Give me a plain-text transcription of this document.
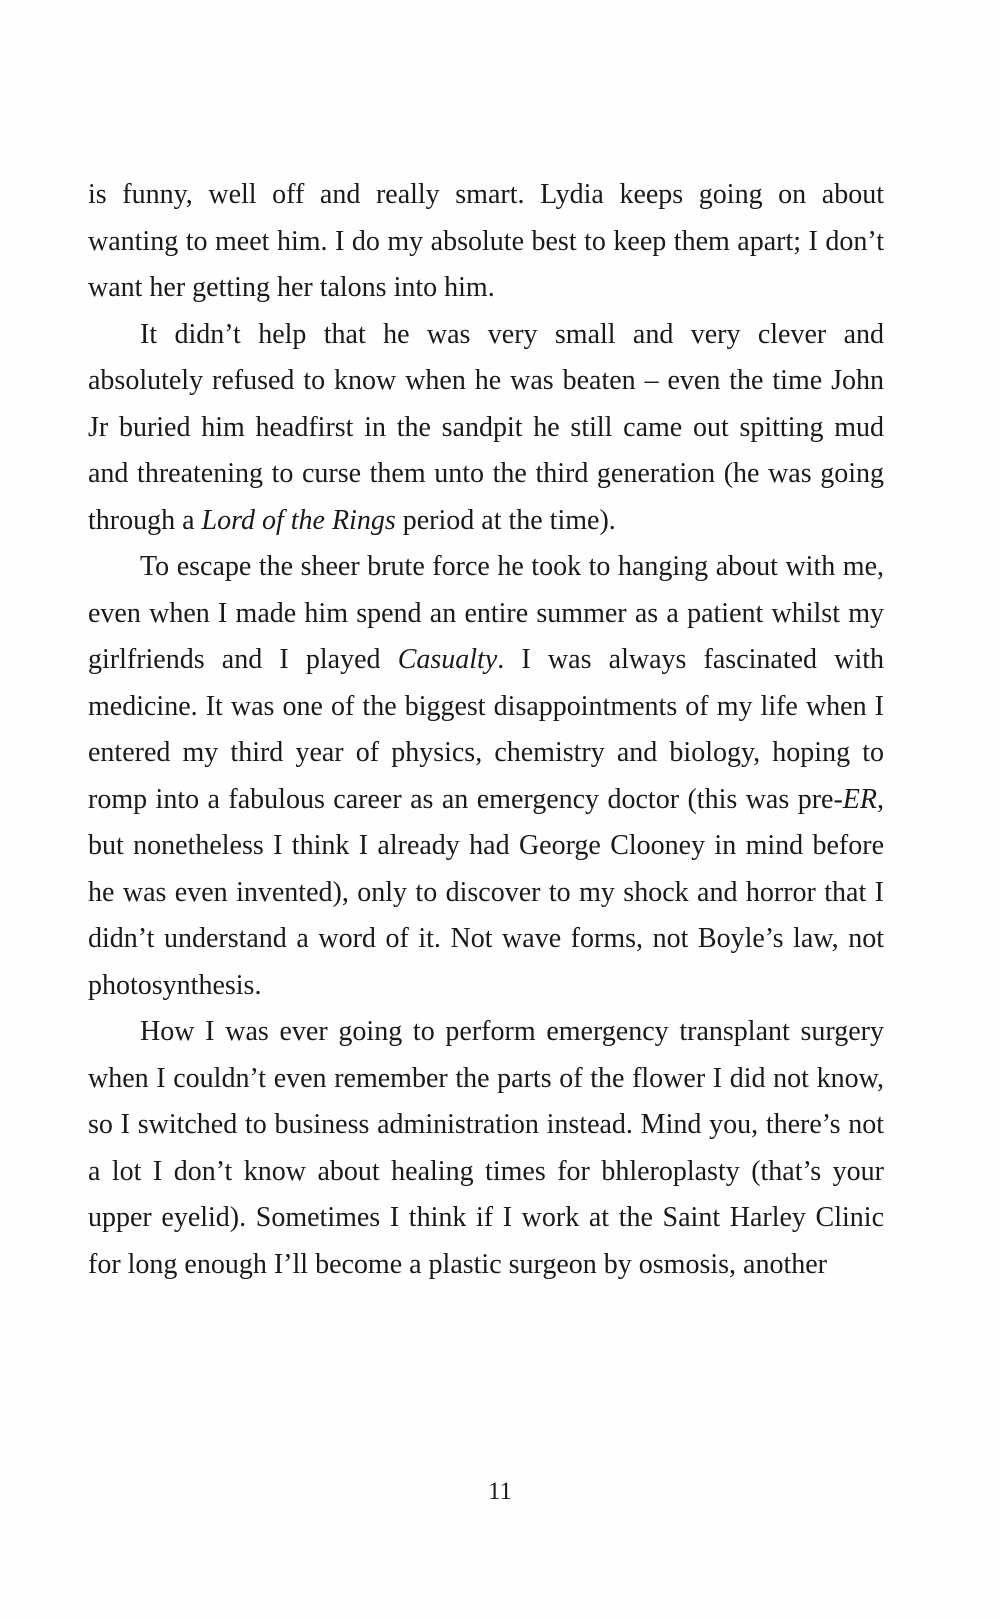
is funny, well off and really smart. Lydia keeps going on about wanting to meet him. I do my absolute best to keep them apart; I don’t want her getting her talons into him.

It didn’t help that he was very small and very clever and absolutely refused to know when he was beaten – even the time John Jr buried him headfirst in the sandpit he still came out spitting mud and threatening to curse them unto the third generation (he was going through a Lord of the Rings period at the time).

To escape the sheer brute force he took to hanging about with me, even when I made him spend an entire summer as a patient whilst my girlfriends and I played Casualty. I was always fascinated with medicine. It was one of the biggest disappointments of my life when I entered my third year of physics, chemistry and biology, hoping to romp into a fabulous career as an emergency doctor (this was pre-ER, but nonetheless I think I already had George Clooney in mind before he was even invented), only to discover to my shock and horror that I didn’t understand a word of it. Not wave forms, not Boyle’s law, not photosynthesis.

How I was ever going to perform emergency transplant surgery when I couldn’t even remember the parts of the flower I did not know, so I switched to business administration instead. Mind you, there’s not a lot I don’t know about healing times for bhleroplasty (that’s your upper eyelid). Sometimes I think if I work at the Saint Harley Clinic for long enough I’ll become a plastic surgeon by osmosis, another

11
